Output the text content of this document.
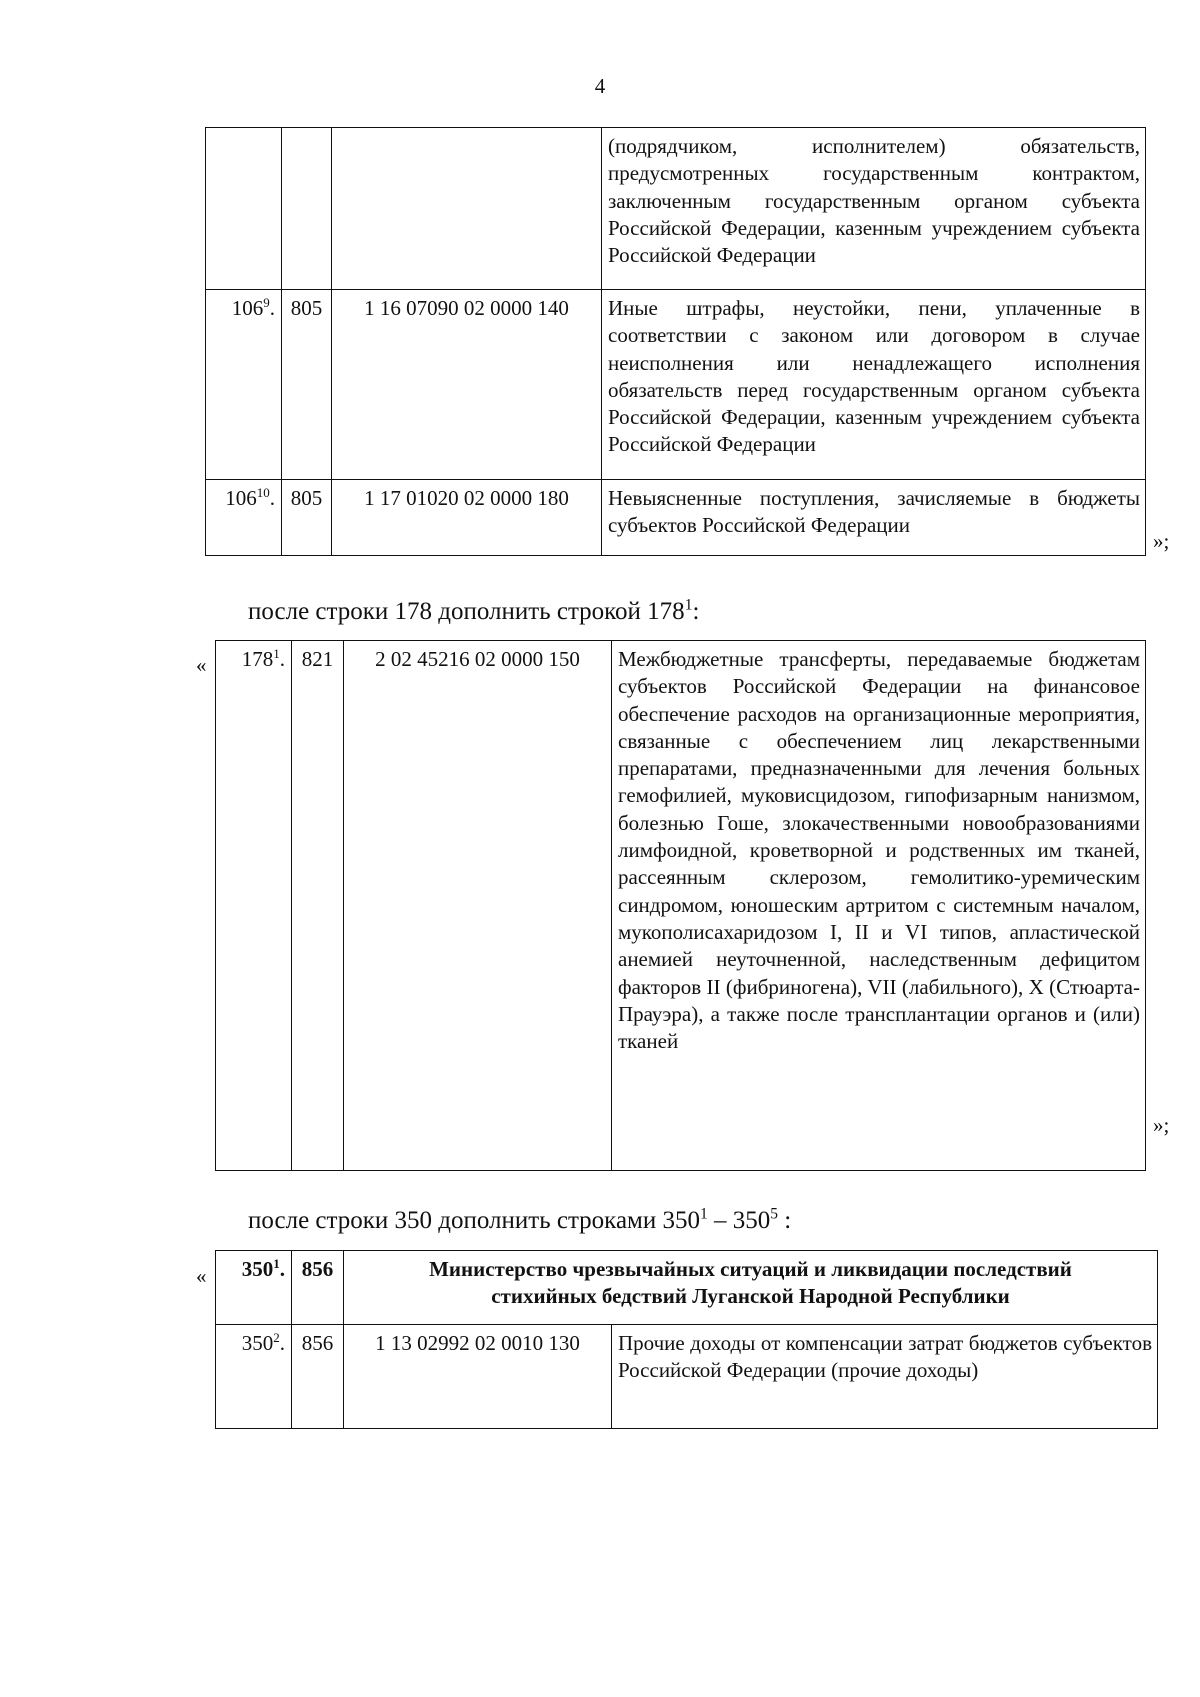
4
			(подрядчиком, исполнителем) обязательств, предусмотренных государственным контрактом, заключенным государственным органом субъекта Российской Федерации, казенным учреждением субъекта Российской Федерации
$106^9$.	805	1 16 07090 02 0000 140	Иные штрафы, неустойки, пени, уплаченные в соответствии с законом или договором в случае неисполнения или ненадлежащего исполнения обязательств перед государственным органом субъекта Российской Федерации, казенным учреждением субъекта Российской Федерации
$106^{10}$.	805	1 17 01020 02 0000 180	Невыясненные поступления, зачисляемые в бюджеты субъектов Российской Федерации
»;
после строки 178 дополнить строкой $178^1$:
« $178^1$.	821	2 02 45216 02 0000 150	Межбюджетные трансферты, передаваемые бюджетам субъектов Российской Федерации на финансовое обеспечение расходов на организационные мероприятия, связанные с обеспечением лиц лекарственными препаратами, предназначенными для лечения больных гемофилией, муковисцидозом, гипофизарным нанизмом, болезнью Гоше, злокачественными новообразованиями лимфоидной, кроветворной и родственных им тканей, рассеянным склерозом, гемолитико-уремическим синдромом, юношеским артритом с системным началом, мукополисахаридозом I, II и VI типов, апластической анемией неуточненной, наследственным дефицитом факторов II (фибриногена), VII (лабильного), X (Стюарта-Прауэра), а также после трансплантации органов и (или) тканей
»;
после строки 350 дополнить строками $350^1 - 350^5$ :
« $350^1$.	856	Министерство чрезвычайных ситуаций и ликвидации последствий
стихийных бедствий Луганской Народной Республики	

$350^2$.	856	1 13 02992 02 0010 130	Прочие доходы от компенсации затрат бюджетов субъектов Российской Федерации (прочие доходы)
